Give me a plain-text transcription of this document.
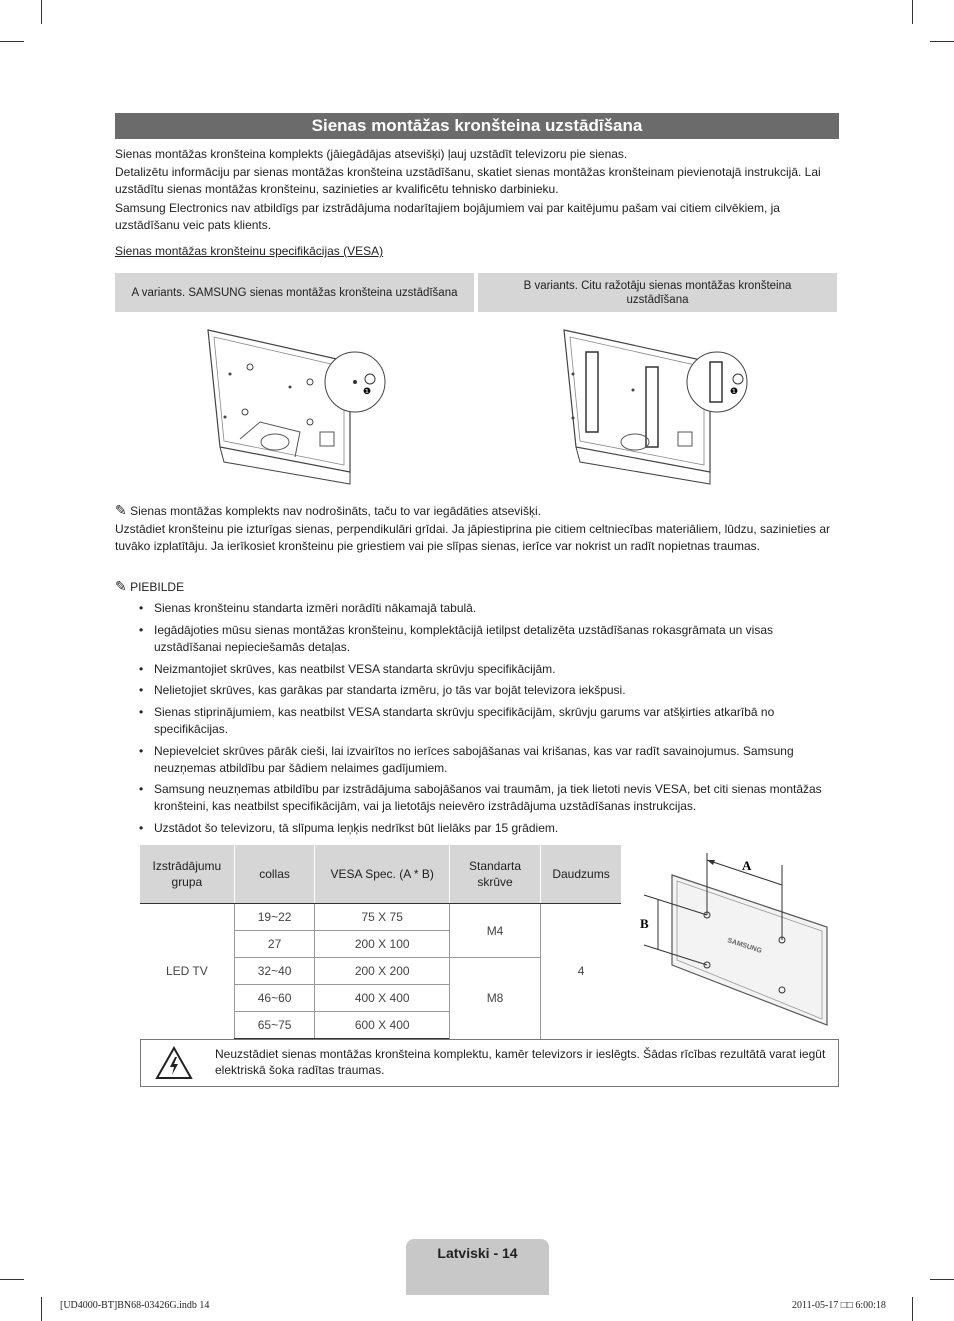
Sienas montāžas kronšteina uzstādīšana
Sienas montāžas kronšteina komplekts (jāiegādājas atsevišķi) ļauj uzstādīt televizoru pie sienas.
Detalizētu informāciju par sienas montāžas kronšteina uzstādīšanu, skatiet sienas montāžas kronšteinam pievienotajā instrukcijā. Lai uzstādītu sienas montāžas kronšteinu, sazinieties ar kvalificētu tehnisko darbinieku.
Samsung Electronics nav atbildīgs par izstrādājuma nodarītajiem bojājumiem vai par kaitējumu pašam vai citiem cilvēkiem, ja uzstādīšanu veic pats klients.
Sienas montāžas kronšteinu specifikācijas (VESA)
A variants. SAMSUNG sienas montāžas kronšteina uzstādīšana
B variants. Citu ražotāju sienas montāžas kronšteina uzstādīšana
❶	❶
✎ Sienas montāžas komplekts nav nodrošināts, taču to var iegādāties atsevišķi.
Uzstādiet kronšteinu pie izturīgas sienas, perpendikulāri grīdai. Ja jāpiestiprina pie citiem celtniecības materiāliem, lūdzu, sazinieties ar tuvāko izplatītāju. Ja ierīkosiet kronšteinu pie griestiem vai pie slīpas sienas, ierīce var nokrist un radīt nopietnas traumas.
✎ PIEBILDE
• Sienas kronšteinu standarta izmēri norādīti nākamajā tabulā.
• Iegādājoties mūsu sienas montāžas kronšteinu, komplektācijā ietilpst detalizēta uzstādīšanas rokasgrāmata un visas uzstādīšanai nepieciešamās detaļas.
• Neizmantojiet skrūves, kas neatbilst VESA standarta skrūvju specifikācijām.
• Nelietojiet skrūves, kas garākas par standarta izmēru, jo tās var bojāt televizora iekšpusi.
• Sienas stiprinājumiem, kas neatbilst VESA standarta skrūvju specifikācijām, skrūvju garums var atšķirties atkarībā no specifikācijas.
• Nepievelciet skrūves pārāk cieši, lai izvairītos no ierīces sabojāšanas vai krišanas, kas var radīt savainojumus. Samsung neuzņemas atbildību par šādiem nelaimes gadījumiem.
• Samsung neuzņemas atbildību par izstrādājuma sabojāšanos vai traumām, ja tiek lietoti nevis VESA, bet citi sienas montāžas kronšteini, kas neatbilst specifikācijām, vai ja lietotājs neievēro izstrādājuma uzstādīšanas instrukcijas.
• Uzstādot šo televizoru, tā slīpuma leņķis nedrīkst būt lielāks par 15 grādiem.
Izstrādājumu grupa	collas	VESA Spec. (A * B)	Standarta skrūve	Daudzums
LED TV	19~22	75 X 75	M4	4
	27	200 X 100		
	32~40	200 X 200	M8	
	46~60	400 X 400		
	65~75	600 X 400		
A
B
SAMSUNG
Neuzstādiet sienas montāžas kronšteina komplektu, kamēr televizors ir ieslēgts. Šādas rīcības rezultātā varat iegūt elektriskā šoka radītas traumas.
Latviski - 14
[UD4000-BT]BN68-03426G.indb 14	2011-05-17 □□ 6:00:18
